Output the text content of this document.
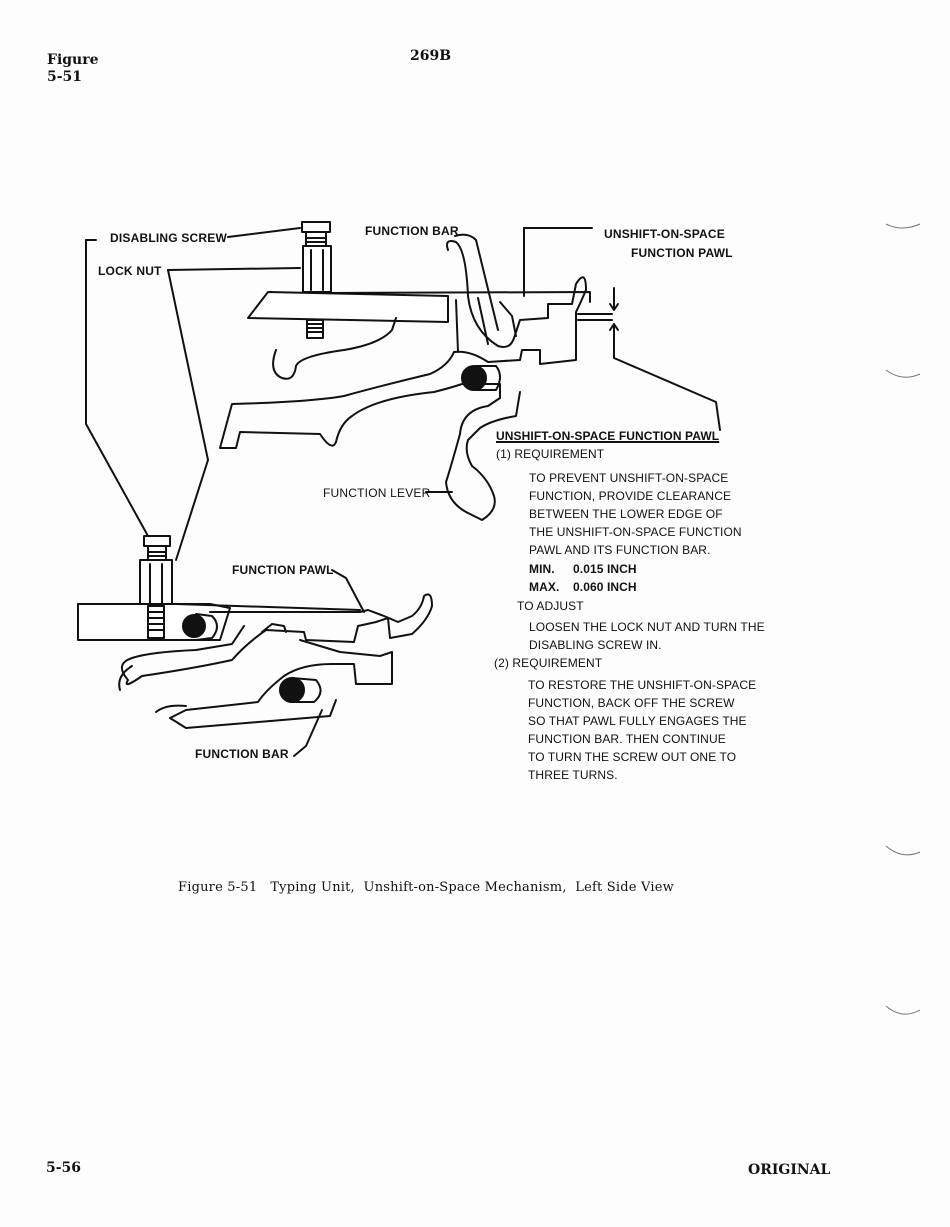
Figure
5-51
269B
DISABLING SCREW
LOCK NUT
FUNCTION BAR	UNSHIFT-ON-SPACE
FUNCTION PAWL
FUNCTION LEVER
FUNCTION PAWL
FUNCTION BAR
UNSHIFT-ON-SPACE FUNCTION PAWL
(1) REQUIREMENT
TO PREVENT UNSHIFT-ON-SPACE
FUNCTION, PROVIDE CLEARANCE
BETWEEN THE LOWER EDGE OF
THE UNSHIFT-ON-SPACE FUNCTION
PAWL AND ITS FUNCTION BAR.
MIN. 0.015 INCH
MAX. 0.060 INCH
TO ADJUST
LOOSEN THE LOCK NUT AND TURN THE
DISABLING SCREW IN.
(2) REQUIREMENT
TO RESTORE THE UNSHIFT-ON-SPACE
FUNCTION, BACK OFF THE SCREW
SO THAT PAWL FULLY ENGAGES THE
FUNCTION BAR. THEN CONTINUE
TO TURN THE SCREW OUT ONE TO
THREE TURNS.
Figure 5-51   Typing Unit,  Unshift-on-Space Mechanism,  Left Side View
5-56	ORIGINAL
